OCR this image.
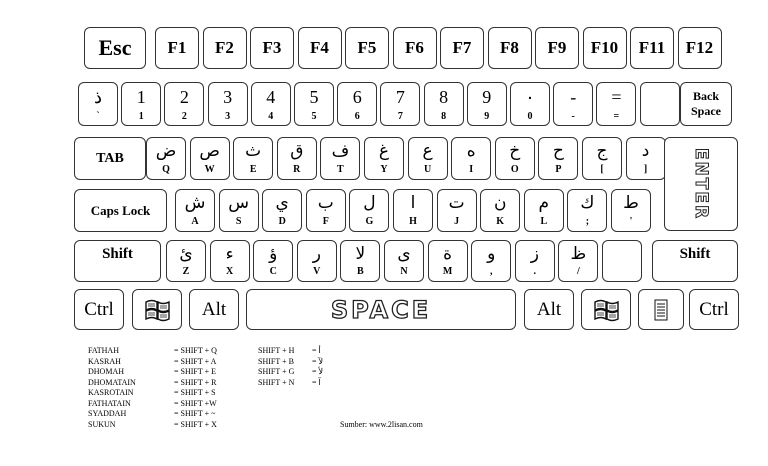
Esc F1 F2 F3 F4 F5 F6 F7 F8 F9 F10 F11 F12
ذ
`
1
1
2
2
3
3
4
4
5
5
6
6
7
7
8
8
9
9
٠
0
-
-
=
=
Back
Space
TAB	ض
Q
ص
W
ث
E
ق
R
ف
T
غ
Y
ع
U
ه
I
خ
O
ح
P
ج
[
د
]	ENTER
Caps Lock	ش
A
س
S
ي
D
ب
F
ل
G
ا
H
ت
J
ن
K
م
L
ك
;
ط
'
Shift	ئ
Z
ء
X
ؤ
C
ر
V
لا
B
ى
N
ة
M
و
,
ز
.
ظ
/
Shift
Ctrl	Alt	SPACE	Alt	Ctrl
FATHAH	= SHIFT + Q
KASRAH	= SHIFT + A
DHOMAH	= SHIFT + E
DHOMATAIN	= SHIFT + R
KASROTAIN	= SHIFT + S
FATHATAIN	= SHIFT +W
SYADDAH	= SHIFT + ~
SUKUN	= SHIFT + X
SHIFT + H = أ
SHIFT + B = لآ
SHIFT + G = لأ
SHIFT + N = آ
Sumber: www.2lisan.com
